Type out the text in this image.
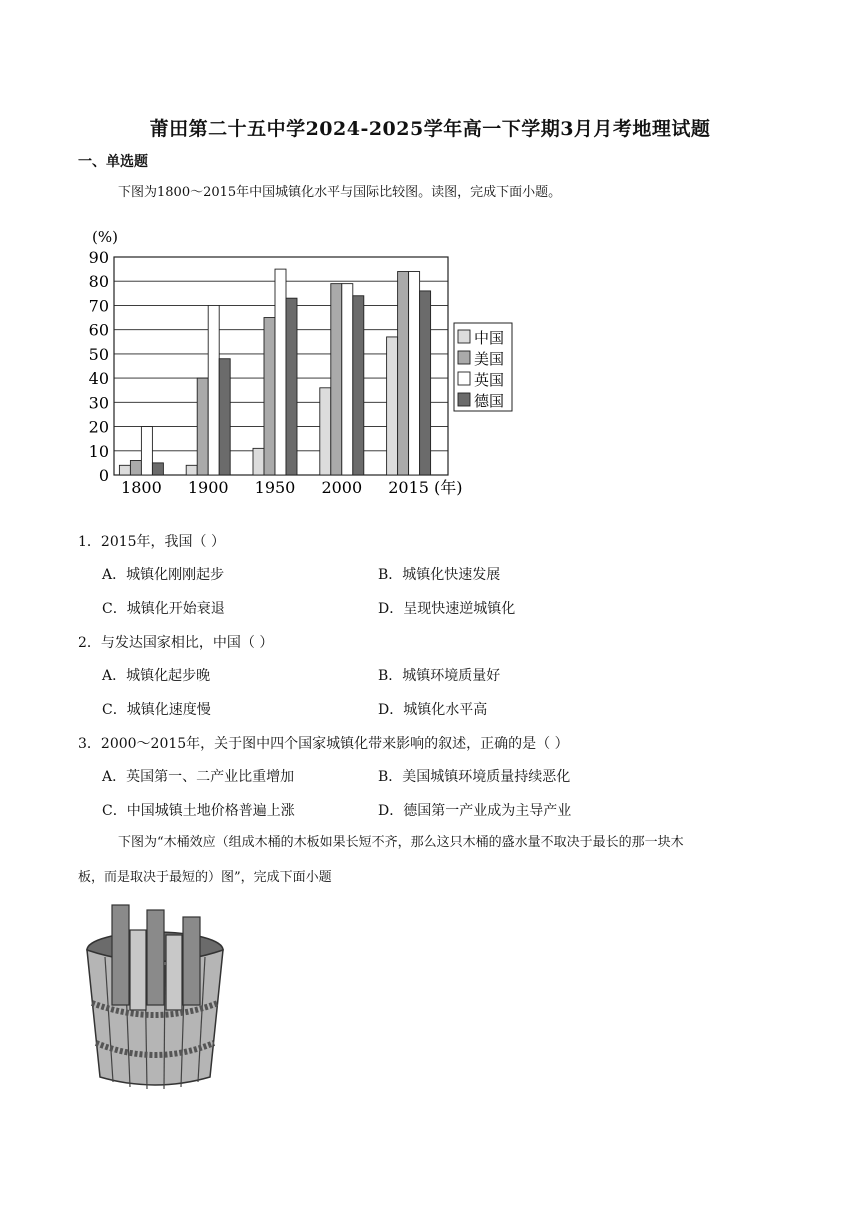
莆田第二十五中学2024-2025学年高一下学期3月月考地理试题
一、单选题
下图为1800～2015年中国城镇化水平与国际比较图。读图，完成下面小题。
(%)
0
10
20
30
40
50
60
70
80
90
1800 1900 1950 2000 2015
中国
美国
英国
德国
(年)
1．2015年，我国（ ）
A．城镇化刚刚起步	B．城镇化快速发展
C．城镇化开始衰退	D．呈现快速逆城镇化
2．与发达国家相比，中国（ ）
A．城镇化起步晚	B．城镇环境质量好
C．城镇化速度慢	D．城镇化水平高
3．2000～2015年，关于图中四个国家城镇化带来影响的叙述，正确的是（ ）
A．英国第一、二产业比重增加	B．美国城镇环境质量持续恶化
C．中国城镇土地价格普遍上涨	D．德国第一产业成为主导产业
下图为“木桶效应（组成木桶的木板如果长短不齐，那么这只木桶的盛水量不取决于最长的那一块木
板，而是取决于最短的）图”，完成下面小题
